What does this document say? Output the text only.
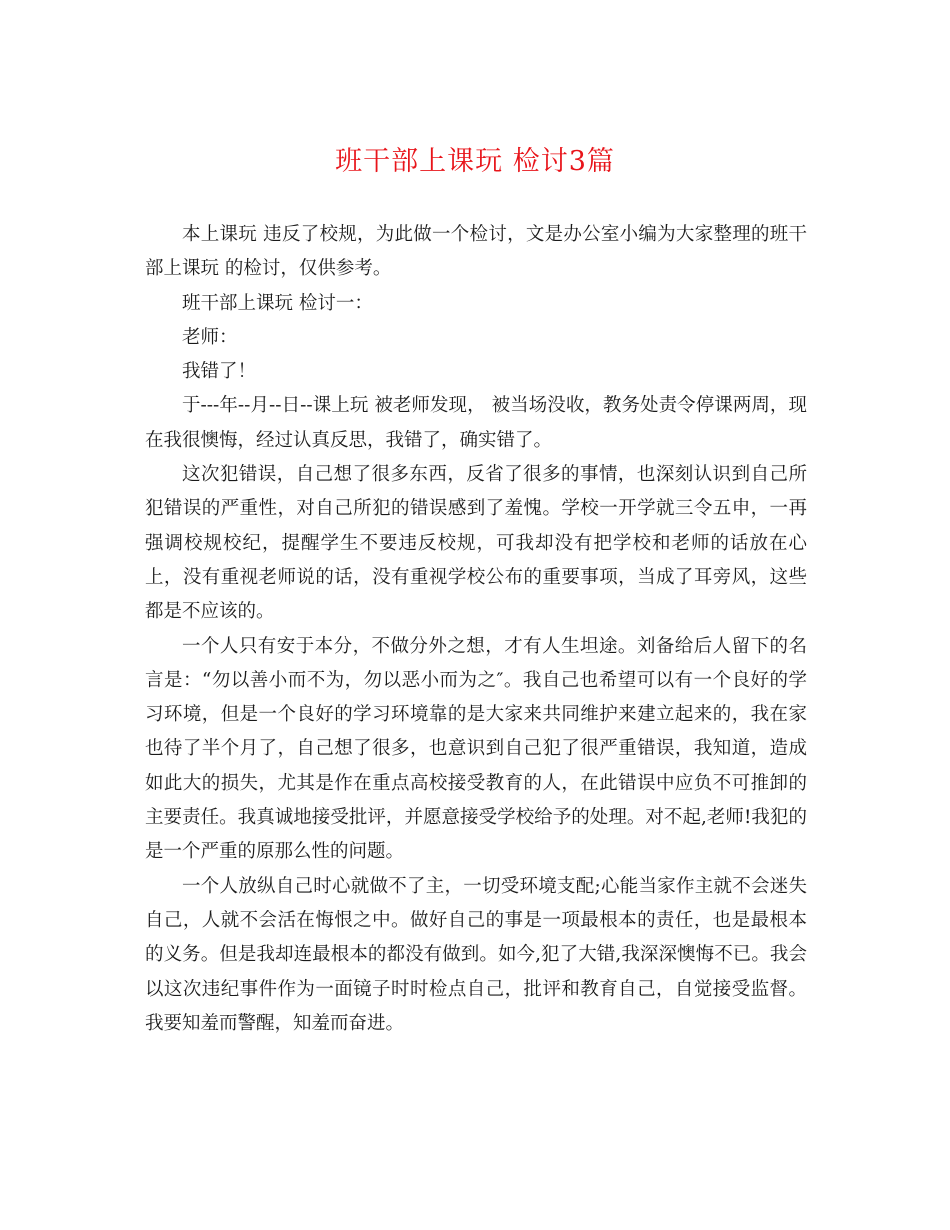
班干部上课玩 检讨3篇

本上课玩 违反了校规，为此做一个检讨，文是办公室小编为大家整理的班干部上课玩 的检讨，仅供参考。

班干部上课玩 检讨一：

老师：

我错了！

于---年--月--日--课上玩 被老师发现， 被当场没收，教务处责令停课两周，现在我很懊悔，经过认真反思，我错了，确实错了。

这次犯错误，自己想了很多东西，反省了很多的事情，也深刻认识到自己所犯错误的严重性，对自己所犯的错误感到了羞愧。学校一开学就三令五申，一再强调校规校纪，提醒学生不要违反校规，可我却没有把学校和老师的话放在心上，没有重视老师说的话，没有重视学校公布的重要事项，当成了耳旁风，这些都是不应该的。

一个人只有安于本分，不做分外之想，才有人生坦途。刘备给后人留下的名言是：“勿以善小而不为，勿以恶小而为之″。我自己也希望可以有一个良好的学习环境，但是一个良好的学习环境靠的是大家来共同维护来建立起来的，我在家也待了半个月了，自己想了很多，也意识到自己犯了很严重错误，我知道，造成如此大的损失，尤其是作在重点高校接受教育的人，在此错误中应负不可推卸的主要责任。我真诚地接受批评，并愿意接受学校给予的处理。对不起,老师!我犯的是一个严重的原那么性的问题。

一个人放纵自己时心就做不了主，一切受环境支配;心能当家作主就不会迷失自己，人就不会活在悔恨之中。做好自己的事是一项最根本的责任，也是最根本的义务。但是我却连最根本的都没有做到。如今,犯了大错,我深深懊悔不已。我会以这次违纪事件作为一面镜子时时检点自己，批评和教育自己，自觉接受监督。我要知羞而警醒，知羞而奋进。
